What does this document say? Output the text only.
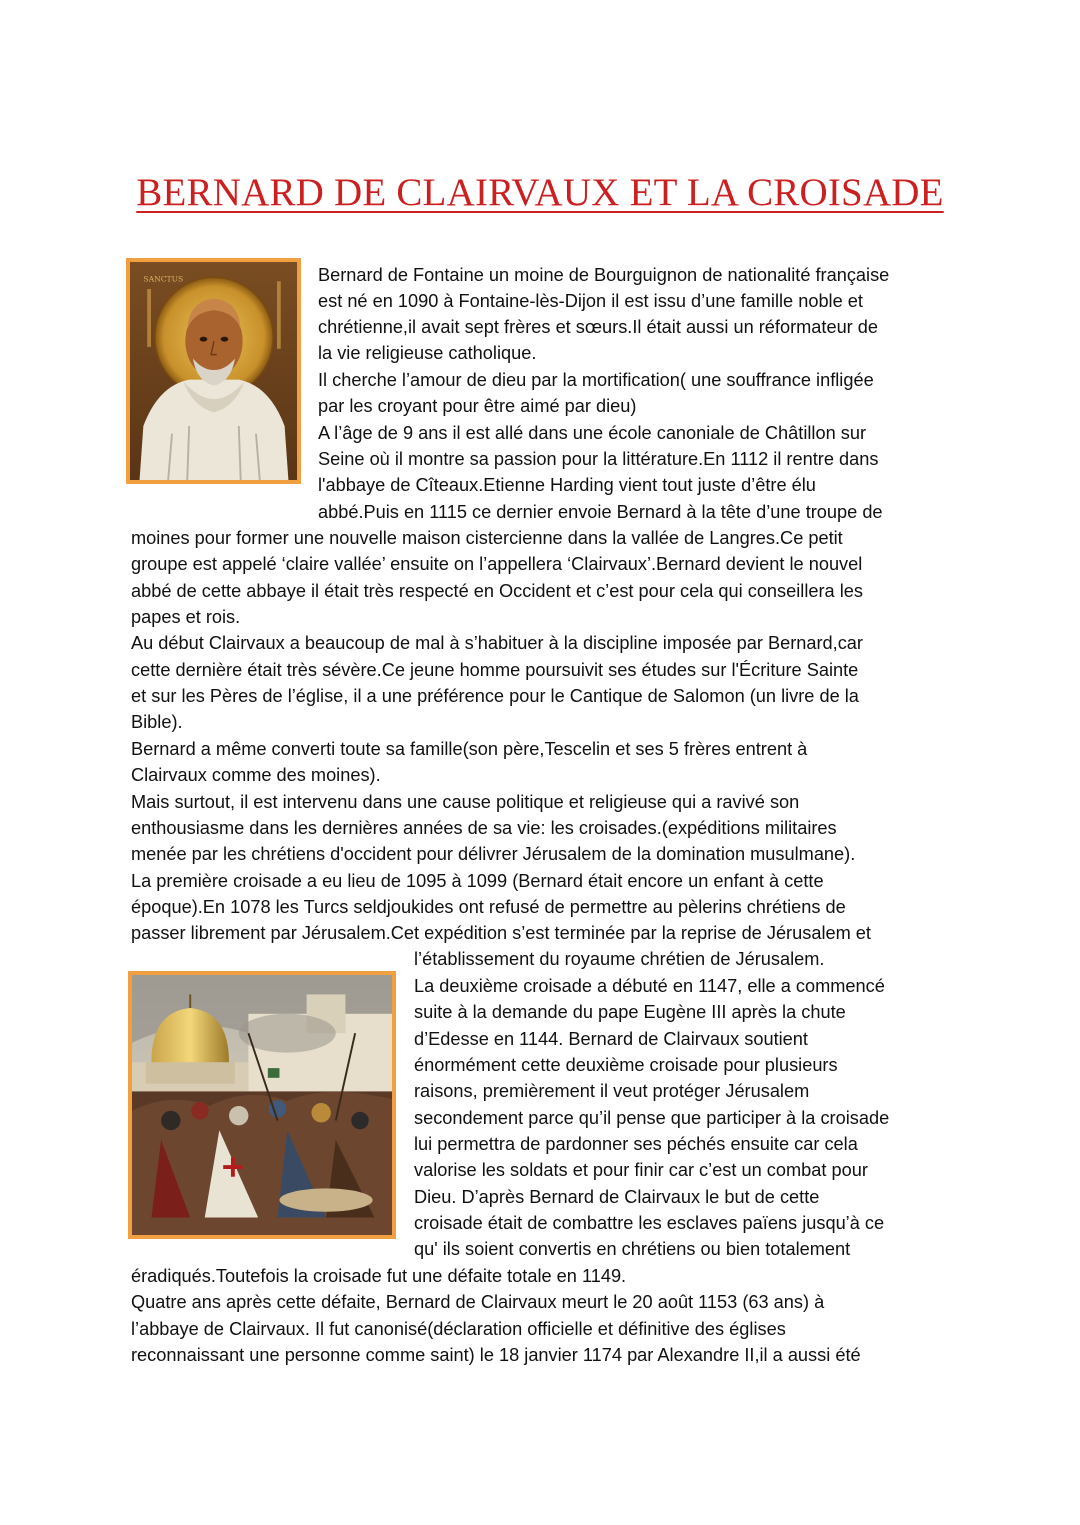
BERNARD DE CLAIRVAUX ET LA CROISADE
SANCTUS	Bernard de Fontaine un moine de Bourguignon de nationalité française

est né en 1090 à Fontaine-lès-Dijon il est issu d’une famille noble et

chrétienne,il avait sept frères et sœurs.Il était aussi un réformateur de

la vie religieuse catholique.

Il cherche l’amour de dieu par la mortification( une souffrance infligée

par les croyant pour être aimé par dieu)

A l’âge de 9 ans il est allé dans une école canoniale de Châtillon sur

Seine où il montre sa passion pour la littérature.En 1112 il rentre dans

l'abbaye de Cîteaux.Etienne Harding vient tout juste d’être élu

abbé.Puis en 1115 ce dernier envoie Bernard à la tête d’une troupe de

moines pour former une nouvelle maison cistercienne dans la vallée de Langres.Ce petit

groupe est appelé ‘claire vallée’ ensuite on l’appellera ‘Clairvaux’.Bernard devient le nouvel

abbé de cette abbaye il était très respecté en Occident et c’est pour cela qui conseillera les

papes et rois.

Au début Clairvaux a beaucoup de mal à s’habituer à la discipline imposée par Bernard,car

cette dernière était très sévère.Ce jeune homme poursuivit ses études sur l'Écriture Sainte

et sur les Pères de l’église, il a une préférence pour le Cantique de Salomon (un livre de la

Bible).

Bernard a même converti toute sa famille(son père,Tescelin et ses 5 frères entrent à

Clairvaux comme des moines).

Mais surtout, il est intervenu dans une cause politique et religieuse qui a ravivé son

enthousiasme dans les dernières années de sa vie: les croisades.(expéditions militaires

menée par les chrétiens d'occident pour délivrer Jérusalem de la domination musulmane).

La première croisade a eu lieu de 1095 à 1099 (Bernard était encore un enfant à cette

époque).En 1078 les Turcs seldjoukides ont refusé de permettre au pèlerins chrétiens de

passer librement par Jérusalem.Cet expédition s’est terminée par la reprise de Jérusalem et

l’établissement du royaume chrétien de Jérusalem.

La deuxième croisade a débuté en 1147, elle a commencé

suite à la demande du pape Eugène III après la chute

d’Edesse en 1144. Bernard de Clairvaux soutient

énormément cette deuxième croisade pour plusieurs

raisons, premièrement il veut protéger Jérusalem

secondement parce qu’il pense que participer à la croisade

lui permettra de pardonner ses péchés ensuite car cela

valorise les soldats et pour finir car c’est un combat pour

Dieu. D’après Bernard de Clairvaux le but de cette

croisade était de combattre les esclaves païens jusqu’à ce

qu' ils soient convertis en chrétiens ou bien totalement

éradiqués.Toutefois la croisade fut une défaite totale en 1149.

Quatre ans après cette défaite, Bernard de Clairvaux meurt le 20 août 1153 (63 ans) à

l’abbaye de Clairvaux. Il fut canonisé(déclaration officielle et définitive des églises

reconnaissant une personne comme saint) le 18 janvier 1174 par Alexandre II,il a aussi été
